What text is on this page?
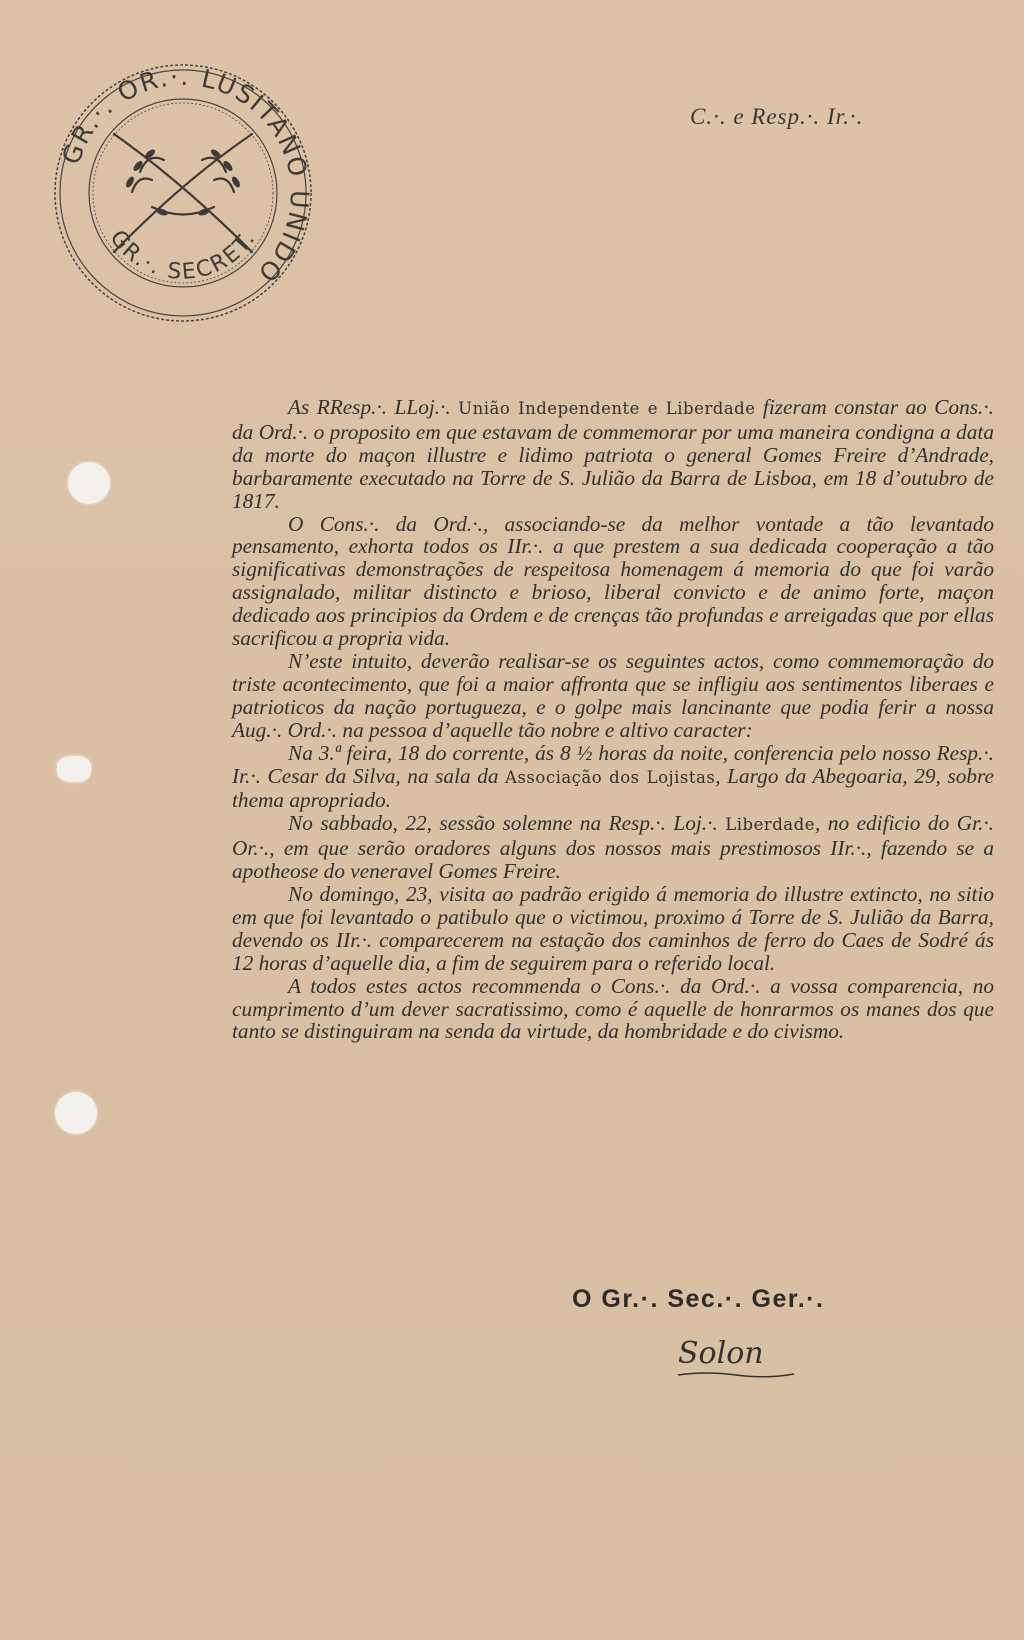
GR.·. OR.·. LUSITANO UNIDO
GR.·. SECRET.
C.·. e Resp.·. Ir.·.

As RResp.·. LLoj.·. União Independente e Liberdade fizeram constar ao Cons.·. da Ord.·. o proposito em que estavam de commemorar por uma maneira condigna a data da morte do maçon illustre e lidimo patriota o general Gomes Freire d’Andrade, barbaramente executado na Torre de S. Julião da Barra de Lisboa, em 18 d’outubro de 1817.

O Cons.·. da Ord.·., associando-se da melhor vontade a tão levantado pensamento, exhorta todos os IIr.·. a que prestem a sua dedicada cooperação a tão significativas demonstrações de respeitosa homenagem á memoria do que foi varão assignalado, militar distincto e brioso, liberal convicto e de animo forte, maçon dedicado aos principios da Ordem e de crenças tão profundas e arreigadas que por ellas sacrificou a propria vida.

N’este intuito, deverão realisar-se os seguintes actos, como commemoração do triste acontecimento, que foi a maior affronta que se infligiu aos sentimentos liberaes e patrioticos da nação portugueza, e o golpe mais lancinante que podia ferir a nossa Aug.·. Ord.·. na pessoa d’aquelle tão nobre e altivo caracter:

Na 3.ª feira, 18 do corrente, ás 8 ½ horas da noite, conferencia pelo nosso Resp.·. Ir.·. Cesar da Silva, na sala da Associação dos Lojistas, Largo da Abegoaria, 29, sobre thema apropriado.

No sabbado, 22, sessão solemne na Resp.·. Loj.·. Liberdade, no edificio do Gr.·. Or.·., em que serão oradores alguns dos nossos mais prestimosos IIr.·., fazendo se a apotheose do veneravel Gomes Freire.

No domingo, 23, visita ao padrão erigido á memoria do illustre extincto, no sitio em que foi levantado o patibulo que o victimou, proximo á Torre de S. Julião da Barra, devendo os IIr.·. comparecerem na estação dos caminhos de ferro do Caes de Sodré ás 12 horas d’aquelle dia, a fim de seguirem para o referido local.

A todos estes actos recommenda o Cons.·. da Ord.·. a vossa comparencia, no cumprimento d’um dever sacratissimo, como é aquelle de honrarmos os manes dos que tanto se distinguiram na senda da virtude, da hombridade e do civismo.

O Gr.·. Sec.·. Ger.·.
Solon
